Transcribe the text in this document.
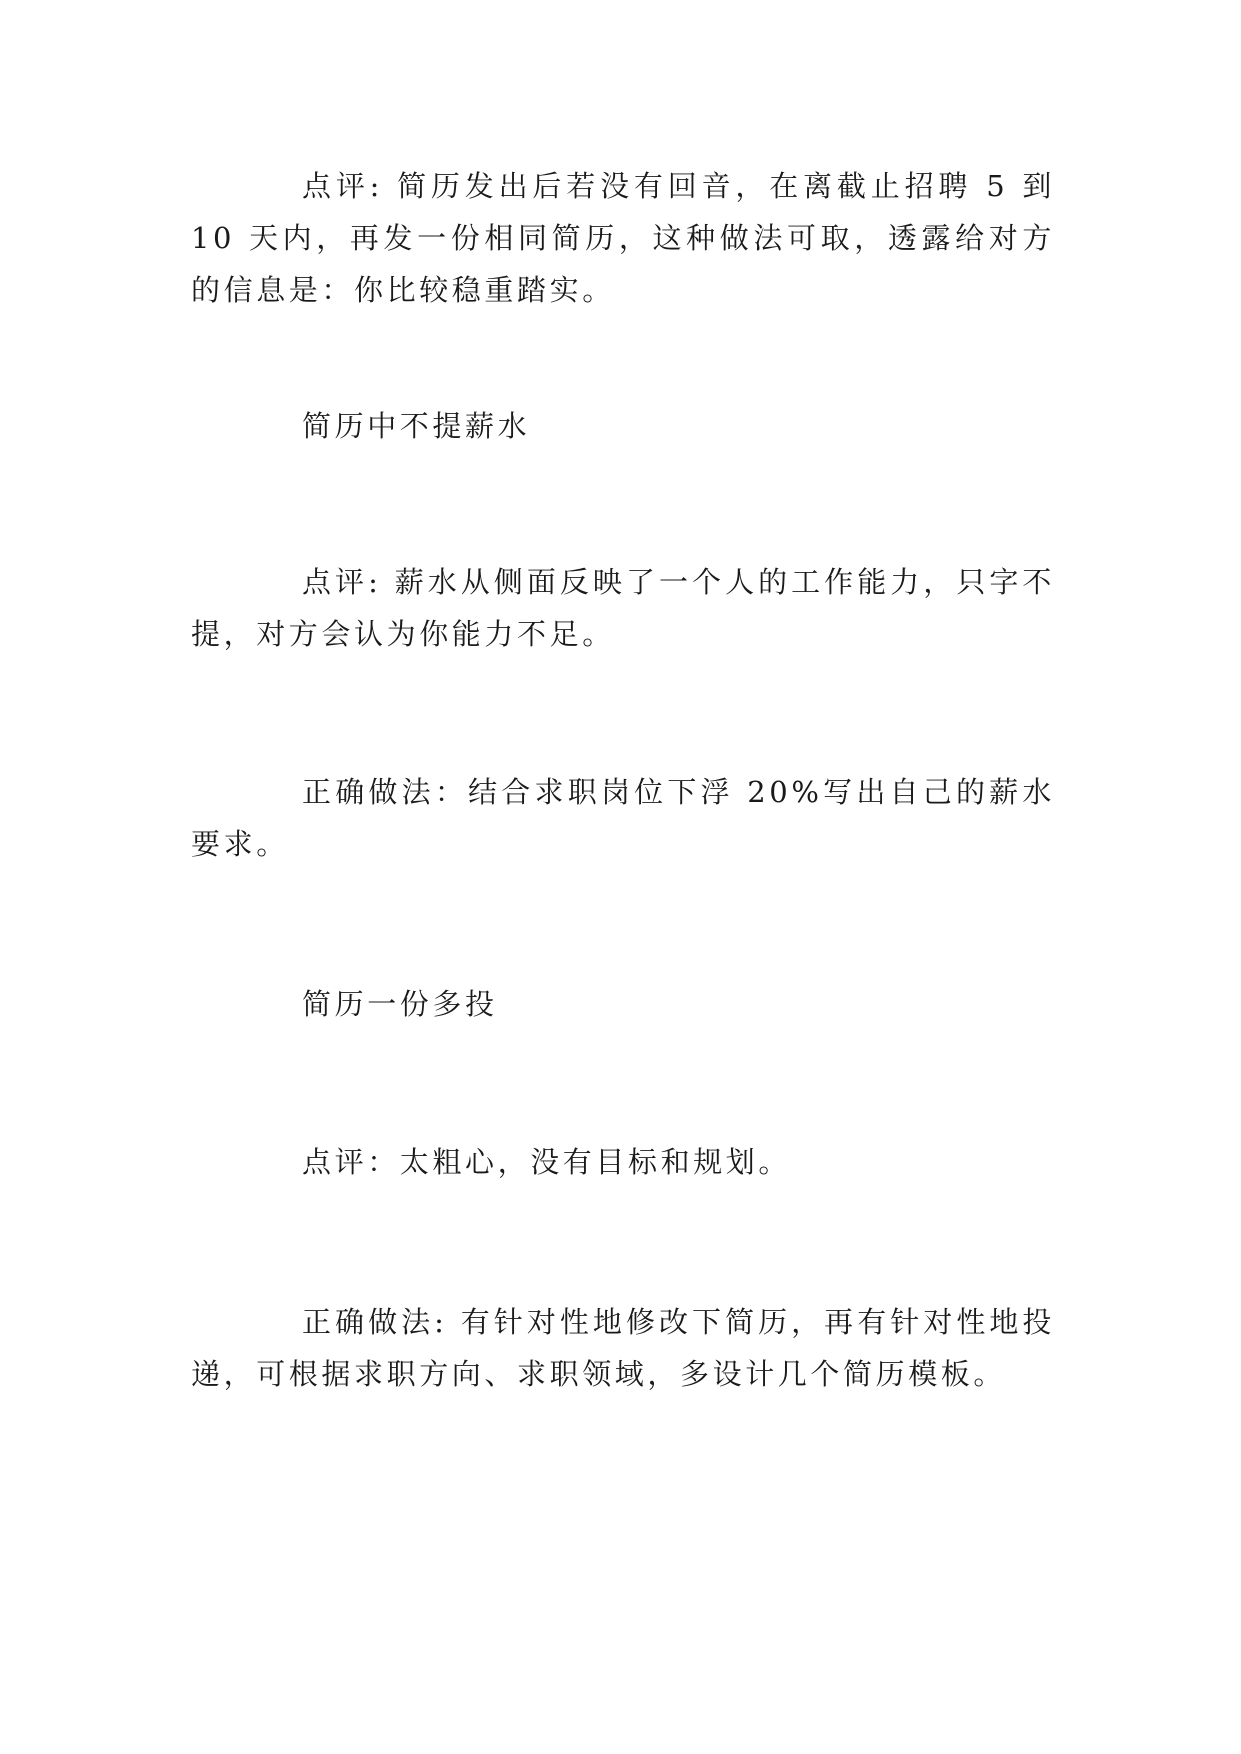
点评: 简历发出后若没有回音，在离截止招聘 5 到 10 天内，再发一份相同简历，这种做法可取，透露给对方的信息是：你比较稳重踏实。

简历中不提薪水

点评: 薪水从侧面反映了一个人的工作能力，只字不提，对方会认为你能力不足。

正确做法：结合求职岗位下浮 20%写出自己的薪水要求。

简历一份多投

点评：太粗心，没有目标和规划。

正确做法: 有针对性地修改下简历，再有针对性地投递，可根据求职方向、求职领域，多设计几个简历模板。
